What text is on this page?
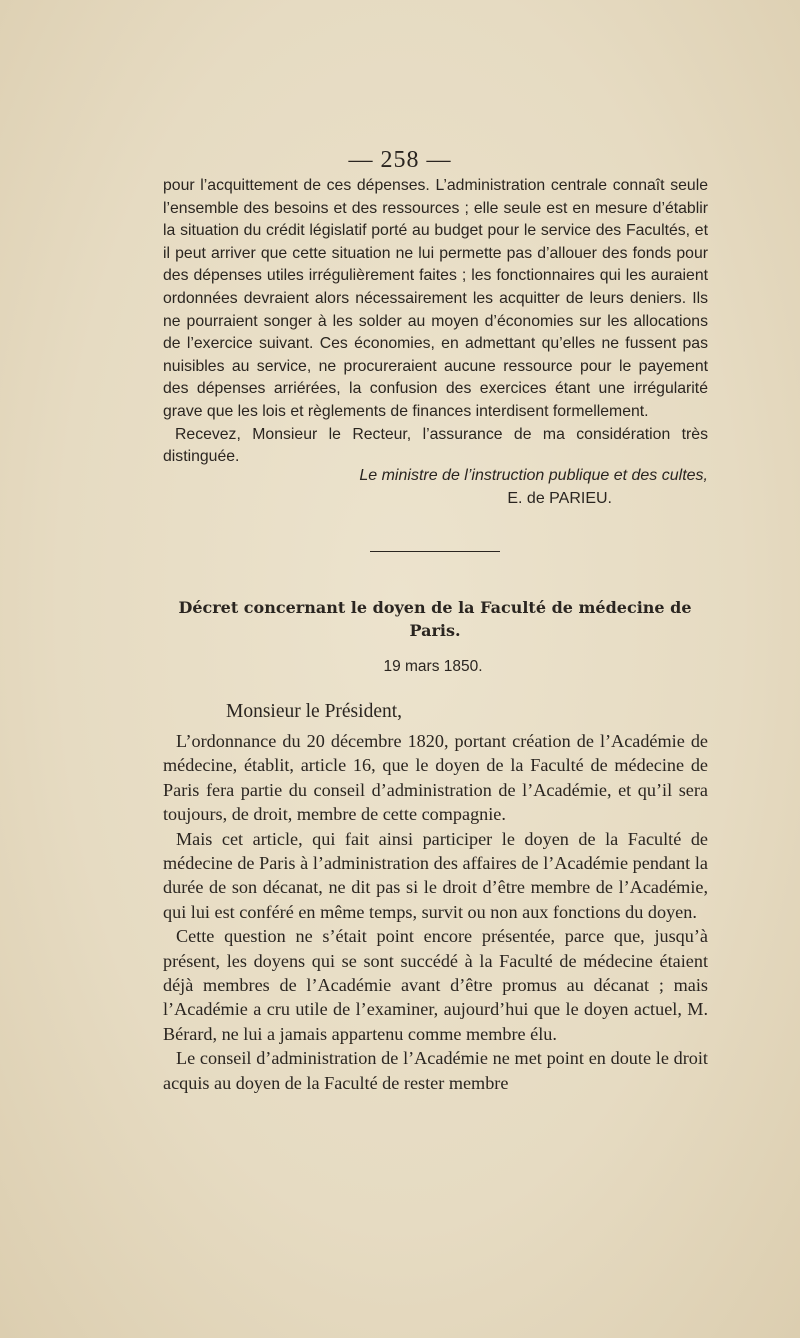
— 258 —

pour l’acquittement de ces dépenses. L’administration centrale connaît seule l’ensemble des besoins et des ressources ; elle seule est en mesure d’établir la situation du crédit législatif porté au budget pour le service des Facultés, et il peut arriver que cette situation ne lui permette pas d’allouer des fonds pour des dépenses utiles irrégulièrement faites ; les fonctionnaires qui les auraient ordonnées devraient alors nécessairement les acquitter de leurs deniers. Ils ne pourraient songer à les solder au moyen d’économies sur les allocations de l’exercice suivant. Ces économies, en admettant qu’elles ne fussent pas nuisibles au service, ne procureraient aucune ressource pour le payement des dépenses arriérées, la confusion des exercices étant une irrégularité grave que les lois et règlements de finances interdisent formellement.

Recevez, Monsieur le Recteur, l’assurance de ma considération très distinguée.

Le ministre de l’instruction publique et des cultes,
E. de PARIEU.
Décret concernant le doyen de la Faculté de médecine de Paris.
19 mars 1850.
Monsieur le Président,

L’ordonnance du 20 décembre 1820, portant création de l’Académie de médecine, établit, article 16, que le doyen de la Faculté de médecine de Paris fera partie du conseil d’administration de l’Académie, et qu’il sera toujours, de droit, membre de cette compagnie.

Mais cet article, qui fait ainsi participer le doyen de la Faculté de médecine de Paris à l’administration des affaires de l’Académie pendant la durée de son décanat, ne dit pas si le droit d’être membre de l’Académie, qui lui est conféré en même temps, survit ou non aux fonctions du doyen.

Cette question ne s’était point encore présentée, parce que, jusqu’à présent, les doyens qui se sont succédé à la Faculté de médecine étaient déjà membres de l’Académie avant d’être promus au décanat ; mais l’Académie a cru utile de l’examiner, aujourd’hui que le doyen actuel, M. Bérard, ne lui a jamais appartenu comme membre élu.

Le conseil d’administration de l’Académie ne met point en doute le droit acquis au doyen de la Faculté de rester membre
